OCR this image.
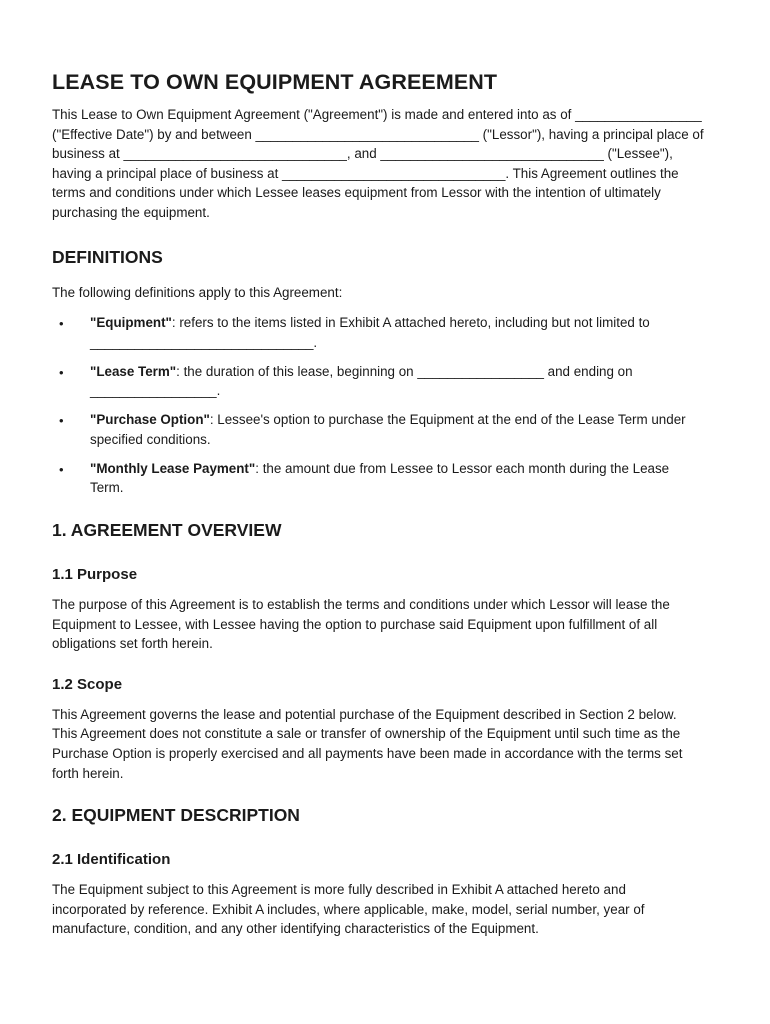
LEASE TO OWN EQUIPMENT AGREEMENT

This Lease to Own Equipment Agreement ("Agreement") is made and entered into as of _________________ ("Effective Date") by and between ______________________________ ("Lessor"), having a principal place of business at ______________________________, and ______________________________ ("Lessee"), having a principal place of business at ______________________________. This Agreement outlines the terms and conditions under which Lessee leases equipment from Lessor with the intention of ultimately purchasing the equipment.

DEFINITIONS

The following definitions apply to this Agreement:

• "Equipment": refers to the items listed in Exhibit A attached hereto, including but not limited to ______________________________.
• "Lease Term": the duration of this lease, beginning on _________________ and ending on _________________.
• "Purchase Option": Lessee's option to purchase the Equipment at the end of the Lease Term under specified conditions.
• "Monthly Lease Payment": the amount due from Lessee to Lessor each month during the Lease Term.
1. AGREEMENT OVERVIEW
1.1 Purpose

The purpose of this Agreement is to establish the terms and conditions under which Lessor will lease the Equipment to Lessee, with Lessee having the option to purchase said Equipment upon fulfillment of all obligations set forth herein.

1.2 Scope

This Agreement governs the lease and potential purchase of the Equipment described in Section 2 below. This Agreement does not constitute a sale or transfer of ownership of the Equipment until such time as the Purchase Option is properly exercised and all payments have been made in accordance with the terms set forth herein.

2. EQUIPMENT DESCRIPTION
2.1 Identification

The Equipment subject to this Agreement is more fully described in Exhibit A attached hereto and incorporated by reference. Exhibit A includes, where applicable, make, model, serial number, year of manufacture, condition, and any other identifying characteristics of the Equipment.
